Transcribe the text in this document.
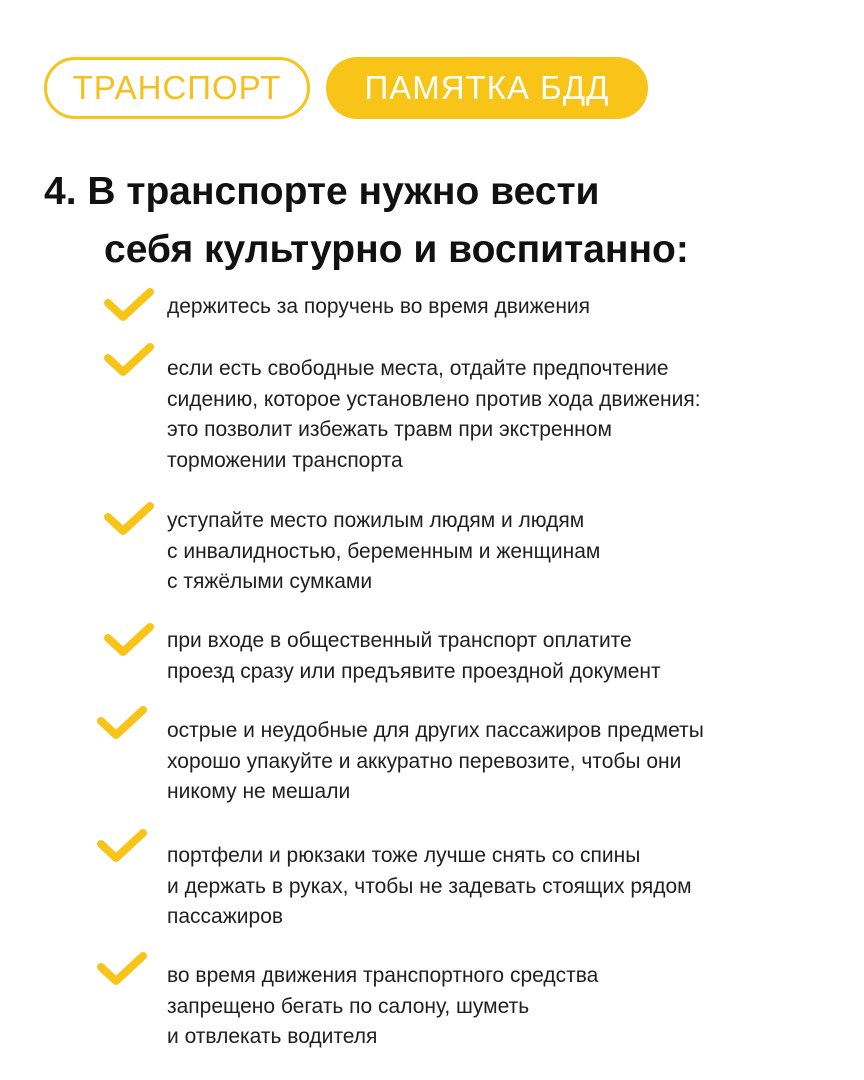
ТРАНСПОРТ	ПАМЯТКА БДД
4. В транспорте нужно вести
себя культурно и воспитанно:
держитесь за поручень во время движения
если есть свободные места, отдайте предпочтение
сидению, которое установлено против хода движения:
это позволит избежать травм при экстренном
торможении транспорта
уступайте место пожилым людям и людям
с инвалидностью, беременным и женщинам
с тяжёлыми сумками
при входе в общественный транспорт оплатите
проезд сразу или предъявите проездной документ
острые и неудобные для других пассажиров предметы
хорошо упакуйте и аккуратно перевозите, чтобы они
никому не мешали
портфели и рюкзаки тоже лучше снять со спины
и держать в руках, чтобы не задевать стоящих рядом
пассажиров
во время движения транспортного средства
запрещено бегать по салону, шуметь
и отвлекать водителя
